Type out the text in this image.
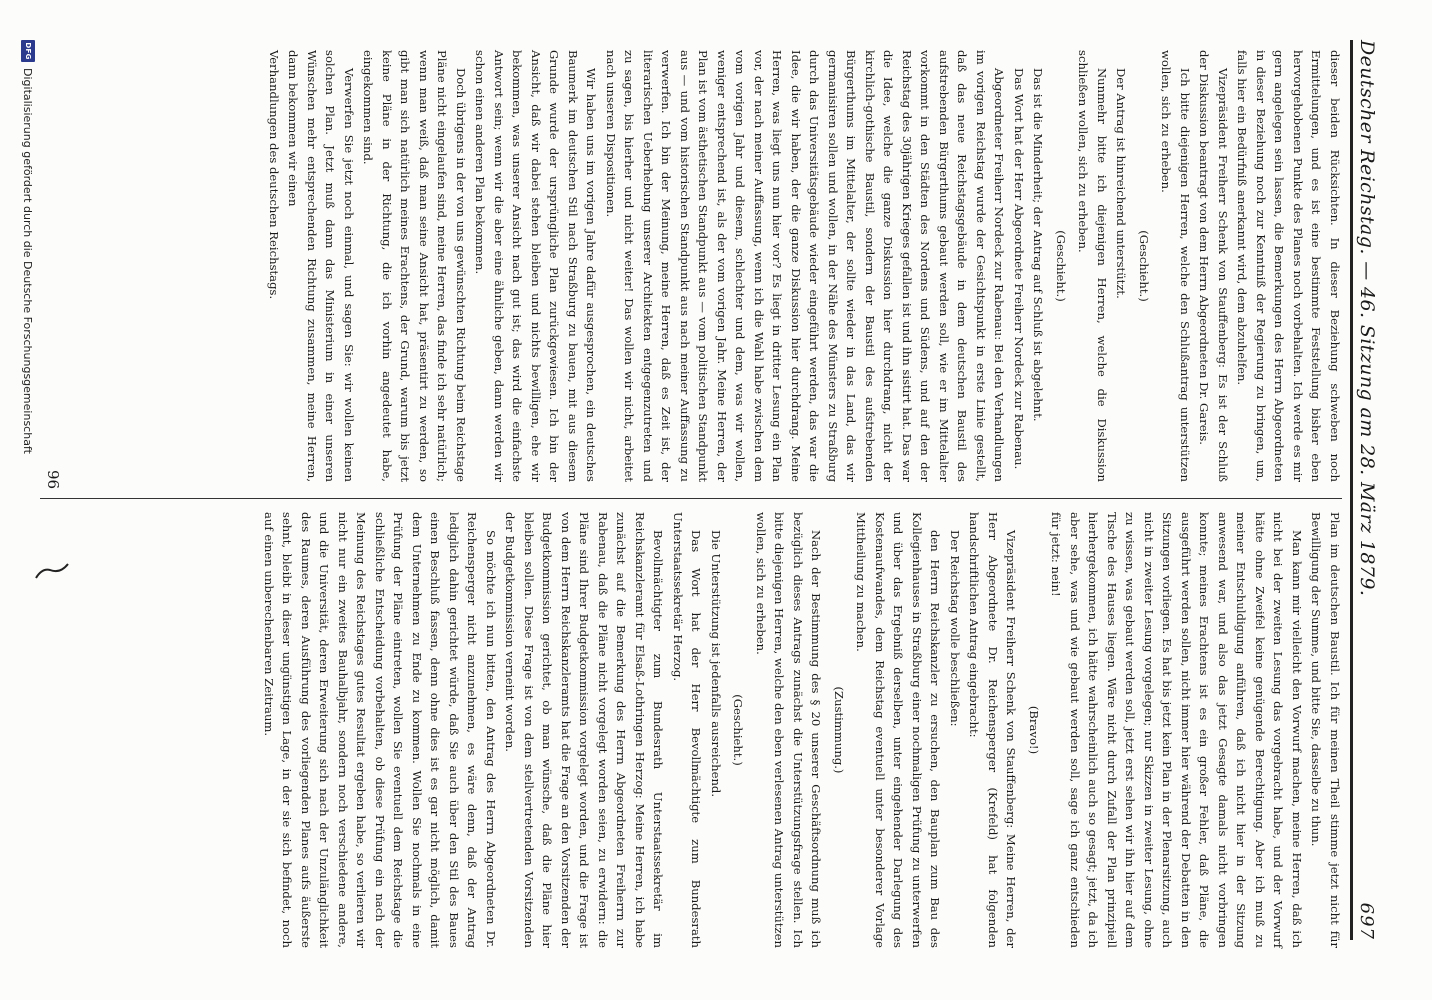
Deutscher Reichstag. — 46. Sitzung am 28. März 1879.
697

dieser beiden Rücksichten. In dieser Beziehung schweben noch Ermittelungen, und es ist eine bestimmte Feststellung bisher eben hervorgehobenen Punkte des Planes noch vorbehalten. Ich werde es mir gern angelegen sein lassen, die Bemerkungen des Herrn Abgeordneten in dieser Beziehung noch zur Kenntniß der Regierung zu bringen, um, falls hier ein Bedürfniß anerkannt wird, dem abzuhelfen.

Vizepräsident Freiherr Schenk von Stauffenberg: Es ist der Schluß der Diskussion beantragt von dem Herrn Abgeordneten Dr. Gareis.

Ich bitte diejenigen Herren, welche den Schlußantrag unterstützen wollen, sich zu erheben.

(Geschieht.)

Der Antrag ist hinreichend unterstützt.

Nunmehr bitte ich diejenigen Herren, welche die Diskussion schließen wollen, sich zu erheben.

(Geschieht.)

Das ist die Minderheit; der Antrag auf Schluß ist abgelehnt.

Das Wort hat der Herr Abgeordnete Freiherr Nordeck zur Rabenau.

Abgeordneter Freiherr Nordeck zur Rabenau: Bei den Verhandlungen im vorigen Reichstag wurde der Gesichtspunkt in erste Linie gestellt, daß das neue Reichstagsgebäude in dem deutschen Baustil des aufstrebenden Bürgerthums gebaut werden soll, wie er im Mittelalter vorkommt in den Städten des Nordens und Südens, und auf den der Reichstag des 30jährigen Krieges gefallen ist und ihn sistirt hat. Das war die Idee, welche die ganze Diskussion hier durchdrang, nicht der kirchlich-gothische Baustil, sondern der Baustil des aufstrebenden Bürgerthums im Mittelalter, der sollte wieder in das Land, das wir germanisiren sollen und wollen, in der Nähe des Münsters zu Straßburg durch das Universitätsgebäude wieder eingeführt werden, das war die Idee, die wir haben, der die ganze Diskussion hier durchdrang. Meine Herren, was liegt uns nun hier vor? Es liegt in dritter Lesung ein Plan vor, der nach meiner Auffassung, wenn ich die Wahl habe zwischen dem vom vorigen Jahr und diesem, schlechter und dem, was wir wollen, weniger entsprechend ist, als der vom vorigen Jahr. Meine Herren, der Plan ist vom ästhetischen Standpunkt aus — vom politischen Standpunkt aus — und vom historischen Standpunkt aus nach meiner Auffassung zu verwerfen. Ich bin der Meinung, meine Herren, daß es Zeit ist, der literarischen Ueberhebung unserer Architekten entgegenzutreten und zu sagen, bis hierher und nicht weiter! Das wollen wir nicht, arbeitet nach unseren Dispositionen.

Wir haben uns im vorigen Jahre dafür ausgesprochen, ein deutsches Baumerk im deutschen Stil nach Straßburg zu bauen, mit aus diesem Grunde wurde der ursprüngliche Plan zurückgewiesen. Ich bin der Ansicht, daß wir dabei stehen bleiben und nichts bewilligen, ehe wir bekommen, was unserer Ansicht nach gut ist; das wird die einfachste Antwort sein; wenn wir die aber eine ähnliche geben, dann werden wir schon einen anderen Plan bekommen.

Doch übrigens in der von uns gewünschten Richtung beim Reichstage Pläne nicht eingelaufen sind, meine Herren, das finde ich sehr natürlich; wenn man weiß, daß man seine Ansicht hat, präsentirt zu werden, so gibt man sich natürlich meines Erachtens, der Grund, warum bis jetzt keine Pläne in der Richtung, die ich vorhin angedeutet habe, eingekommen sind.

Verwerfen Sie jetzt noch einmal, und sagen Sie: wir wollen keinen solchen Plan. Jetzt muß dann das Ministerium in einer unseren Wünschen mehr entsprechenden Richtung zusammen, meine Herren, dann bekommen wir einen

Verhandlungen des deutschen Reichstags.

Plan im deutschen Baustil. Ich für meinen Theil stimme jetzt nicht für Bewilligung der Summe, und bitte Sie, dasselbe zu thun.

Man kann mir vielleicht den Vorwurf machen, meine Herren, daß ich nicht bei der zweiten Lesung das vorgebracht habe, und der Vorwurf hätte ohne Zweifel keine genügende Berechtigung. Aber ich muß zu meiner Entschuldigung anführen, daß ich nicht hier in der Sitzung anwesend war, und also das jetzt Gesagte damals nicht vorbringen konnte; meines Erachtens ist es ein großer Fehler, daß Pläne, die ausgeführt werden sollen, nicht immer hier während der Debatten in den Sitzungen vorliegen. Es hat bis jetzt kein Plan in der Plenarsitzung, auch nicht in zweiter Lesung vorgelegen; nur Skizzen in zweiter Lesung, ohne zu wissen, was gebaut werden soll, jetzt erst sehen wir ihn hier auf dem Tische des Hauses liegen. Wäre nicht durch Zufall der Plan prinzipiell hierhergekommen, ich hätte wahrscheinlich auch so gesagt; jetzt, da ich aber sehe, was und wie gebaut werden soll, sage ich ganz entschieden für jetzt: nein!

(Bravo!)

Vizepräsident Freiherr Schenk von Stauffenberg: Meine Herren, der Herr Abgeordnete Dr. Reichensperger (Krefeld) hat folgenden handschriftlichen Antrag eingebracht:

Der Reichstag wolle beschließen:

den Herrn Reichskanzler zu ersuchen, den Bauplan zum Bau des Kollegienhauses in Straßburg einer nochmaligen Prüfung zu unterwerfen und über das Ergebniß derselben, unter eingehender Darlegung des Kostenaufwandes, dem Reichstag eventuell unter besonderer Vorlage Mittheilung zu machen.

(Zustimmung.)

Nach der Bestimmung des § 20 unserer Geschäftsordnung muß ich bezüglich dieses Antrags zunächst die Unterstützungsfrage stellen. Ich bitte diejenigen Herren, welche den eben verlesenen Antrag unterstützen wollen, sich zu erheben.

(Geschieht.)

Die Unterstützung ist jedenfalls ausreichend.

Das Wort hat der Herr Bevollmächtigte zum Bundesrath Unterstaatssekretär Herzog.

Bevollmächtigter zum Bundesrath Unterstaatssekretär im Reichskanzleramt für Elsaß-Lothringen Herzog: Meine Herren, ich habe zunächst auf die Bemerkung des Herrn Abgeordneten Freiherrn zur Rabenau, daß die Pläne nicht vorgelegt worden seien, zu erwidern: die Pläne sind Ihrer Budgetkommission vorgelegt worden, und die Frage ist von dem Herrn Reichskanzleramts hat die Frage an den Vorsitzenden der Budgetkommission gerichtet, ob man wünsche, daß die Pläne hier bleiben sollen. Diese Frage ist von dem stellvertretenden Vorsitzenden der Budgetkommission verneint worden.

So möchte ich nun bitten, den Antrag des Herrn Abgeordneten Dr. Reichensperger nicht anzunehmen, es wäre denn, daß der Antrag lediglich dahin gerichtet würde, daß Sie auch über den Stil des Baues einen Beschluß fassen, denn ohne dies ist es gar nicht möglich, damit dem Unternehmen zu Ende zu kommen. Wollen Sie nochmals in eine Prüfung der Pläne eintreten, wollen Sie eventuell dem Reichstage die schließliche Entscheidung vorbehalten, ob diese Prüfung ein nach der Meinung des Reichstages gutes Resultat ergeben habe, so verlieren wir nicht nur ein zweites Bauhalbjahr, sondern noch verschiedene andere, und die Universität, deren Erweiterung sich nach der Unzulänglichkeit des Raumes, deren Ausführung des vorliegenden Planes aufs äußerste sehnt, bleibt in dieser ungünstigen Lage, in der sie sich befindet, noch auf einen unberechenbaren Zeitraum.

96
DFG
Digitalisierung gefördert durch die Deutsche Forschungsgemeinschaft
